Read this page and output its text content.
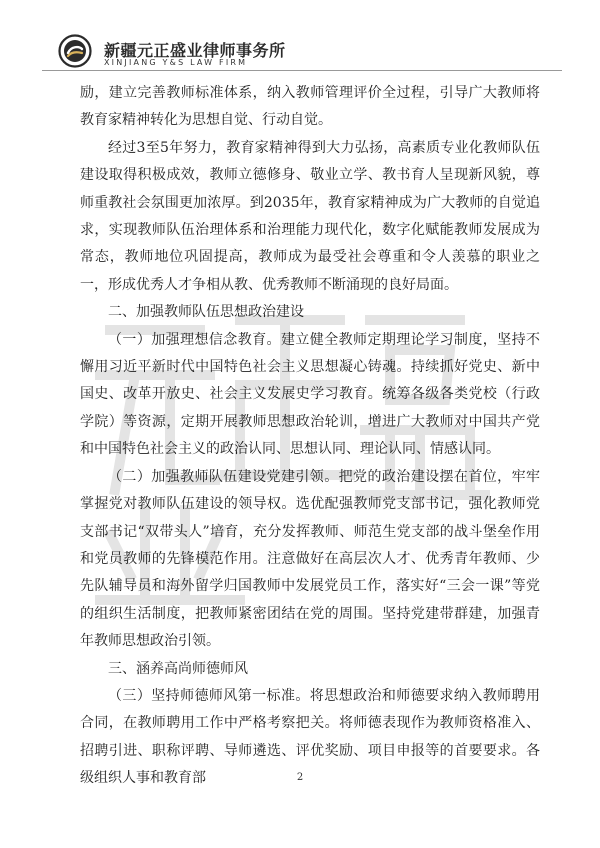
新疆元正盛业律师事务所
XINJIANG Y&S LAW FIRM

励，建立完善教师标准体系，纳入教师管理评价全过程，引导广大教师将教育家精神转化为思想自觉、行动自觉。

经过3至5年努力，教育家精神得到大力弘扬，高素质专业化教师队伍建设取得积极成效，教师立德修身、敬业立学、教书育人呈现新风貌，尊师重教社会氛围更加浓厚。到2035年，教育家精神成为广大教师的自觉追求，实现教师队伍治理体系和治理能力现代化，数字化赋能教师发展成为常态，教师地位巩固提高，教师成为最受社会尊重和令人羡慕的职业之一，形成优秀人才争相从教、优秀教师不断涌现的良好局面。

二、加强教师队伍思想政治建设

（一）加强理想信念教育。建立健全教师定期理论学习制度，坚持不懈用习近平新时代中国特色社会主义思想凝心铸魂。持续抓好党史、新中国史、改革开放史、社会主义发展史学习教育。统筹各级各类党校（行政学院）等资源，定期开展教师思想政治轮训，增进广大教师对中国共产党和中国特色社会主义的政治认同、思想认同、理论认同、情感认同。

（二）加强教师队伍建设党建引领。把党的政治建设摆在首位，牢牢掌握党对教师队伍建设的领导权。选优配强教师党支部书记，强化教师党支部书记“双带头人”培育，充分发挥教师、师范生党支部的战斗堡垒作用和党员教师的先锋模范作用。注意做好在高层次人才、优秀青年教师、少先队辅导员和海外留学归国教师中发展党员工作，落实好“三会一课”等党的组织生活制度，把教师紧密团结在党的周围。坚持党建带群建，加强青年教师思想政治引领。

三、涵养高尚师德师风

（三）坚持师德师风第一标准。将思想政治和师德要求纳入教师聘用合同，在教师聘用工作中严格考察把关。将师德表现作为教师资格准入、招聘引进、职称评聘、导师遴选、评优奖励、项目申报等的首要要求。各级组织人事和教育部	2
